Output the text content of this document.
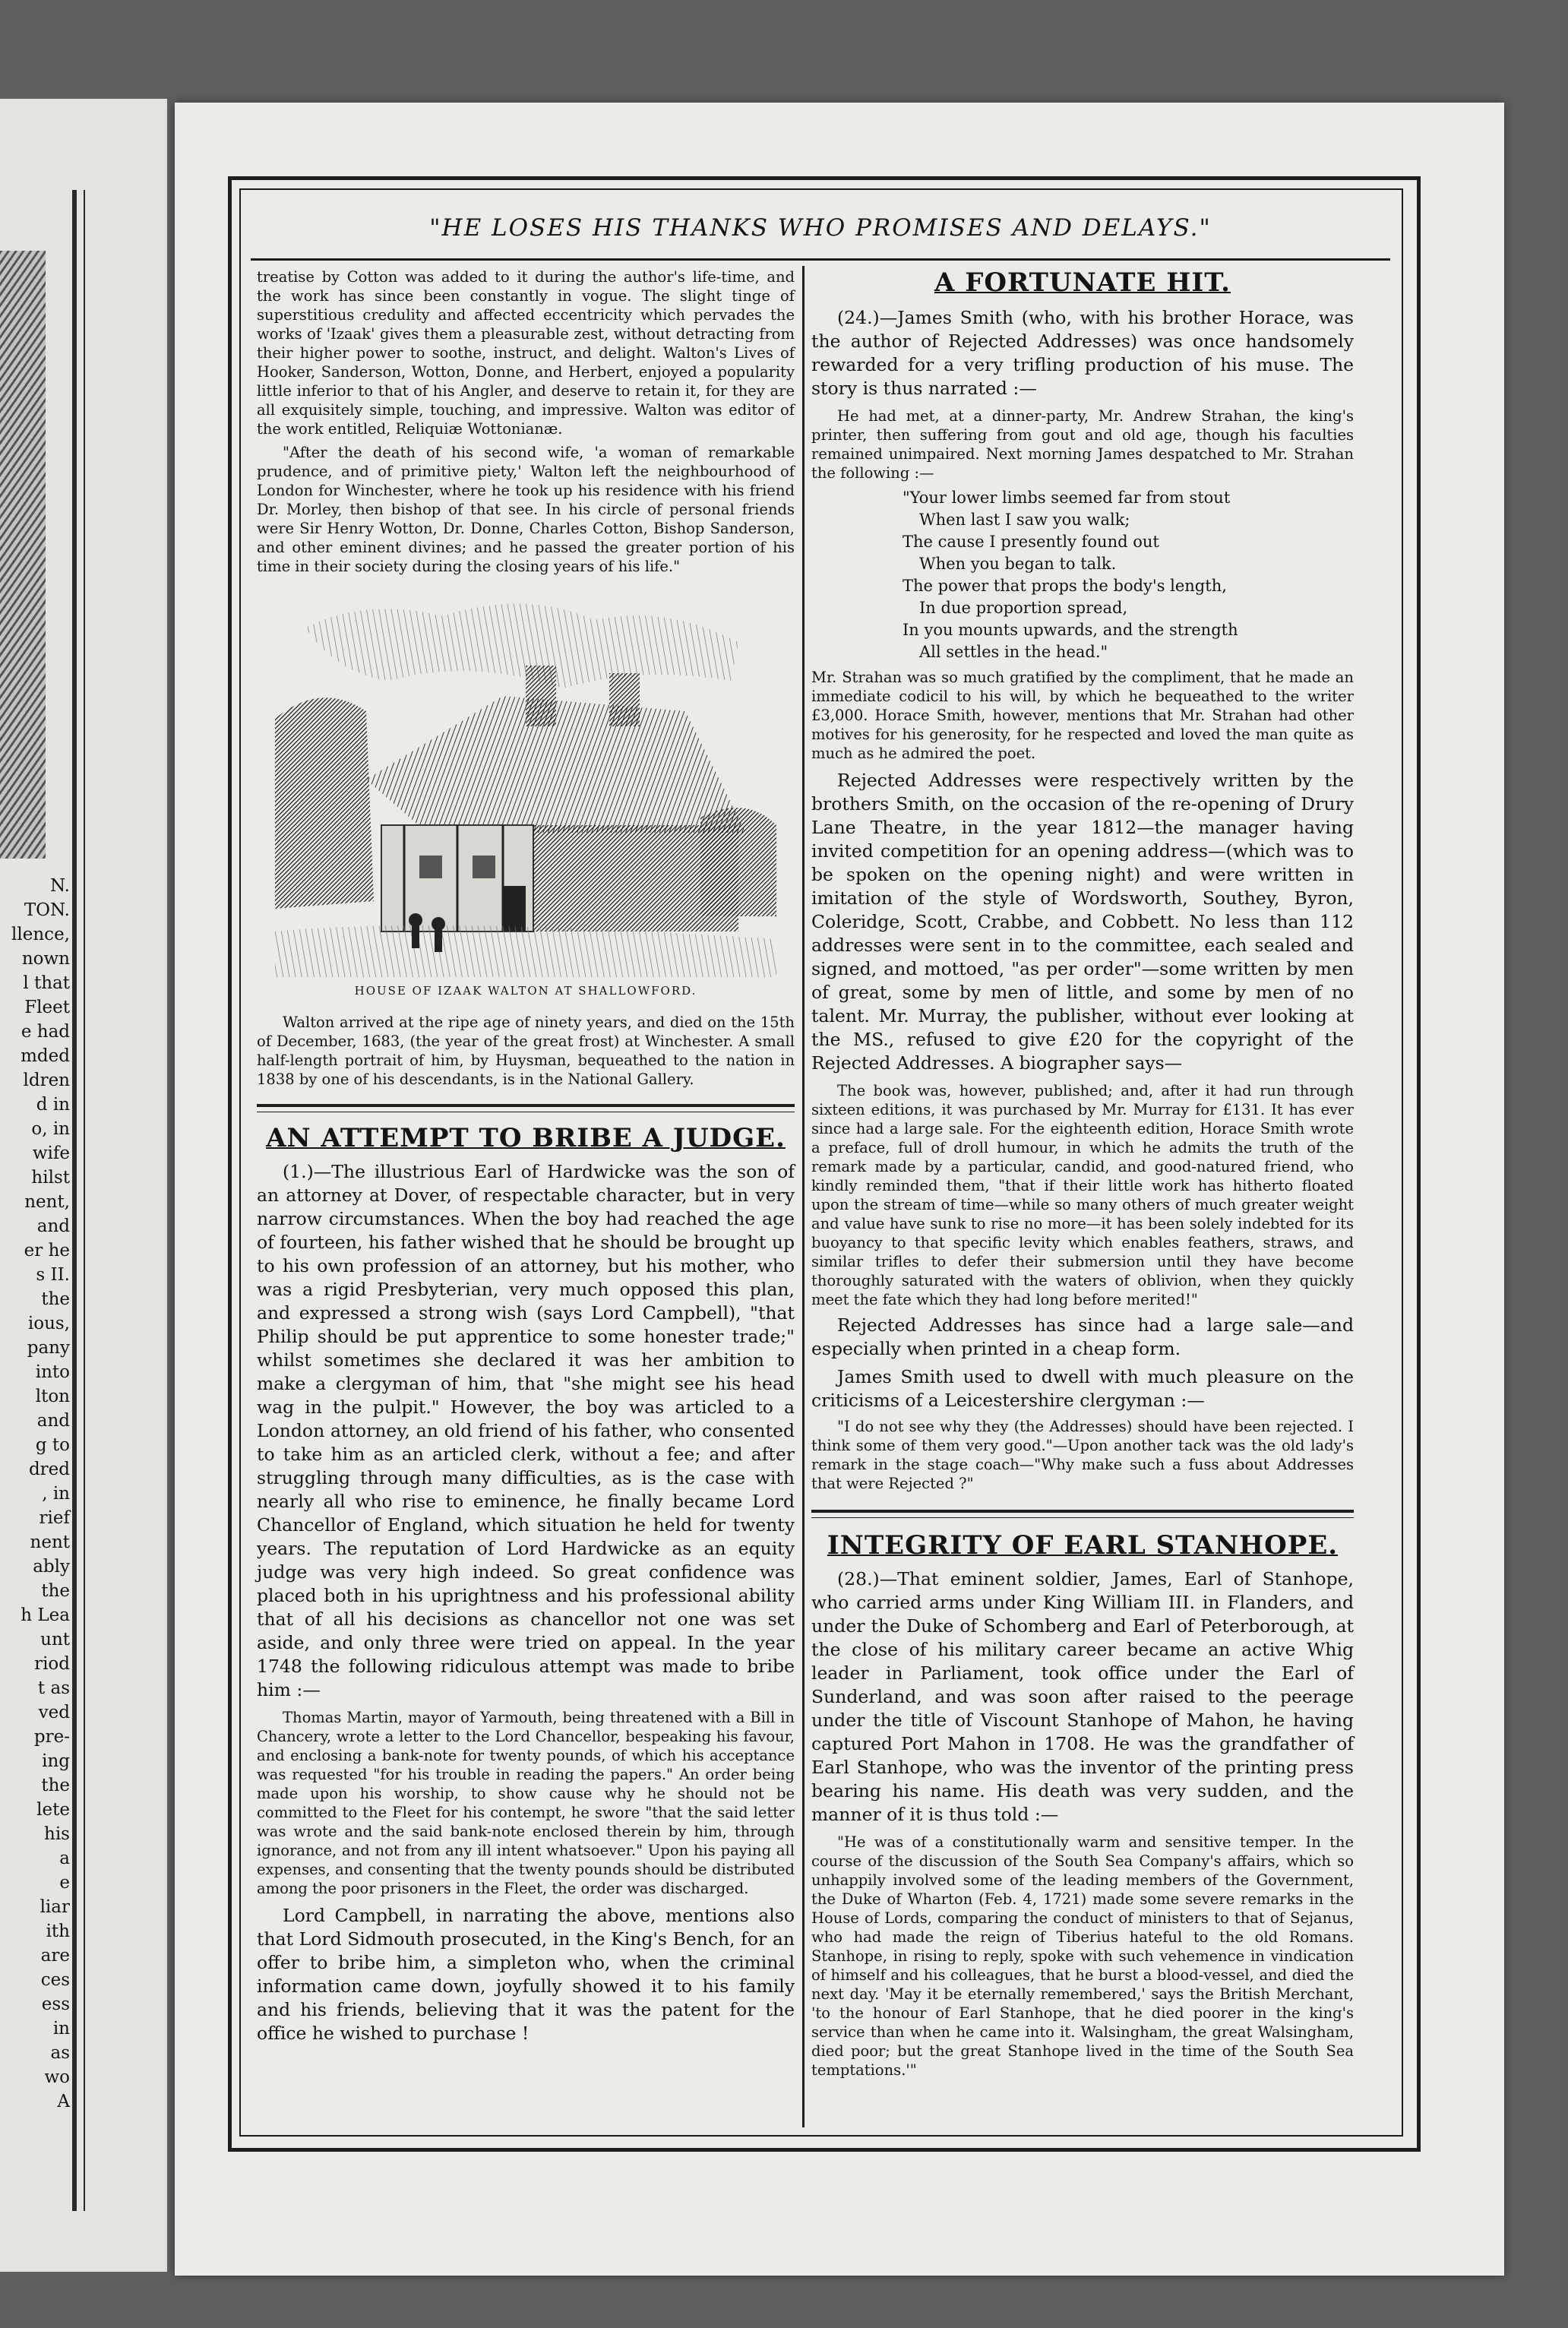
N.
TON.
llence,
nown
l that
Fleet
e had
mded
ldren
d in
o, in
wife
hilst
nent,
and
er he
s II.
the
ious,
pany
into
lton
and
g to
dred
, in
rief
nent
ably
the
h Lea
unt
riod
t as
ved
pre-
ing
the
lete
his
a
e
liar
ith
are
ces
ess
in
as
wo
A
"HE LOSES HIS THANKS WHO PROMISES AND DELAYS."

treatise by Cotton was added to it during the author's life-time, and the work has since been constantly in vogue. The slight tinge of superstitious credulity and affected eccentricity which pervades the works of 'Izaak' gives them a pleasurable zest, without detracting from their higher power to soothe, instruct, and delight. Walton's Lives of Hooker, Sanderson, Wotton, Donne, and Herbert, enjoyed a popularity little inferior to that of his Angler, and deserve to retain it, for they are all exquisitely simple, touching, and impressive. Walton was editor of the work entitled, Reliquiæ Wottonianæ.

"After the death of his second wife, 'a woman of remarkable prudence, and of primitive piety,' Walton left the neighbourhood of London for Winchester, where he took up his residence with his friend Dr. Morley, then bishop of that see. In his circle of personal friends were Sir Henry Wotton, Dr. Donne, Charles Cotton, Bishop Sanderson, and other eminent divines; and he passed the greater portion of his time in their society during the closing years of his life."

HOUSE OF IZAAK WALTON AT SHALLOWFORD.

Walton arrived at the ripe age of ninety years, and died on the 15th of December, 1683, (the year of the great frost) at Winchester. A small half-length portrait of him, by Huysman, bequeathed to the nation in 1838 by one of his descendants, is in the National Gallery.

AN ATTEMPT TO BRIBE A JUDGE.

(1.)—The illustrious Earl of Hardwicke was the son of an attorney at Dover, of respectable character, but in very narrow circumstances. When the boy had reached the age of fourteen, his father wished that he should be brought up to his own profession of an attorney, but his mother, who was a rigid Presbyterian, very much opposed this plan, and expressed a strong wish (says Lord Campbell), "that Philip should be put apprentice to some honester trade;" whilst sometimes she declared it was her ambition to make a clergyman of him, that "she might see his head wag in the pulpit." However, the boy was articled to a London attorney, an old friend of his father, who consented to take him as an articled clerk, without a fee; and after struggling through many difficulties, as is the case with nearly all who rise to eminence, he finally became Lord Chancellor of England, which situation he held for twenty years. The reputation of Lord Hardwicke as an equity judge was very high indeed. So great confidence was placed both in his uprightness and his professional ability that of all his decisions as chancellor not one was set aside, and only three were tried on appeal. In the year 1748 the following ridiculous attempt was made to bribe him :—

Thomas Martin, mayor of Yarmouth, being threatened with a Bill in Chancery, wrote a letter to the Lord Chancellor, bespeaking his favour, and enclosing a bank-note for twenty pounds, of which his acceptance was requested "for his trouble in reading the papers." An order being made upon his worship, to show cause why he should not be committed to the Fleet for his contempt, he swore "that the said letter was wrote and the said bank-note enclosed therein by him, through ignorance, and not from any ill intent whatsoever." Upon his paying all expenses, and consenting that the twenty pounds should be distributed among the poor prisoners in the Fleet, the order was discharged.

Lord Campbell, in narrating the above, mentions also that Lord Sidmouth prosecuted, in the King's Bench, for an offer to bribe him, a simpleton who, when the criminal information came down, joyfully showed it to his family and his friends, believing that it was the patent for the office he wished to purchase !

A FORTUNATE HIT.

(24.)—James Smith (who, with his brother Horace, was the author of Rejected Addresses) was once handsomely rewarded for a very trifling production of his muse. The story is thus narrated :—

He had met, at a dinner-party, Mr. Andrew Strahan, the king's printer, then suffering from gout and old age, though his faculties remained unimpaired. Next morning James despatched to Mr. Strahan the following :—

"Your lower limbs seemed far from stout
When last I saw you walk;
The cause I presently found out
When you began to talk.
The power that props the body's length,
In due proportion spread,
In you mounts upwards, and the strength
All settles in the head."

Mr. Strahan was so much gratified by the compliment, that he made an immediate codicil to his will, by which he bequeathed to the writer £3,000. Horace Smith, however, mentions that Mr. Strahan had other motives for his generosity, for he respected and loved the man quite as much as he admired the poet.

Rejected Addresses were respectively written by the brothers Smith, on the occasion of the re-opening of Drury Lane Theatre, in the year 1812—the manager having invited competition for an opening address—(which was to be spoken on the opening night) and were written in imitation of the style of Wordsworth, Southey, Byron, Coleridge, Scott, Crabbe, and Cobbett. No less than 112 addresses were sent in to the committee, each sealed and signed, and mottoed, "as per order"—some written by men of great, some by men of little, and some by men of no talent. Mr. Murray, the publisher, without ever looking at the MS., refused to give £20 for the copyright of the Rejected Addresses. A biographer says—

The book was, however, published; and, after it had run through sixteen editions, it was purchased by Mr. Murray for £131. It has ever since had a large sale. For the eighteenth edition, Horace Smith wrote a preface, full of droll humour, in which he admits the truth of the remark made by a particular, candid, and good-natured friend, who kindly reminded them, "that if their little work has hitherto floated upon the stream of time—while so many others of much greater weight and value have sunk to rise no more—it has been solely indebted for its buoyancy to that specific levity which enables feathers, straws, and similar trifles to defer their submersion until they have become thoroughly saturated with the waters of oblivion, when they quickly meet the fate which they had long before merited!"

Rejected Addresses has since had a large sale—and especially when printed in a cheap form.

James Smith used to dwell with much pleasure on the criticisms of a Leicestershire clergyman :—

"I do not see why they (the Addresses) should have been rejected. I think some of them very good."—Upon another tack was the old lady's remark in the stage coach—"Why make such a fuss about Addresses that were Rejected ?"

INTEGRITY OF EARL STANHOPE.

(28.)—That eminent soldier, James, Earl of Stanhope, who carried arms under King William III. in Flanders, and under the Duke of Schomberg and Earl of Peterborough, at the close of his military career became an active Whig leader in Parliament, took office under the Earl of Sunderland, and was soon after raised to the peerage under the title of Viscount Stanhope of Mahon, he having captured Port Mahon in 1708. He was the grandfather of Earl Stanhope, who was the inventor of the printing press bearing his name. His death was very sudden, and the manner of it is thus told :—

"He was of a constitutionally warm and sensitive temper. In the course of the discussion of the South Sea Company's affairs, which so unhappily involved some of the leading members of the Government, the Duke of Wharton (Feb. 4, 1721) made some severe remarks in the House of Lords, comparing the conduct of ministers to that of Sejanus, who had made the reign of Tiberius hateful to the old Romans. Stanhope, in rising to reply, spoke with such vehemence in vindication of himself and his colleagues, that he burst a blood-vessel, and died the next day. 'May it be eternally remembered,' says the British Merchant, 'to the honour of Earl Stanhope, that he died poorer in the king's service than when he came into it. Walsingham, the great Walsingham, died poor; but the great Stanhope lived in the time of the South Sea temptations.'"
